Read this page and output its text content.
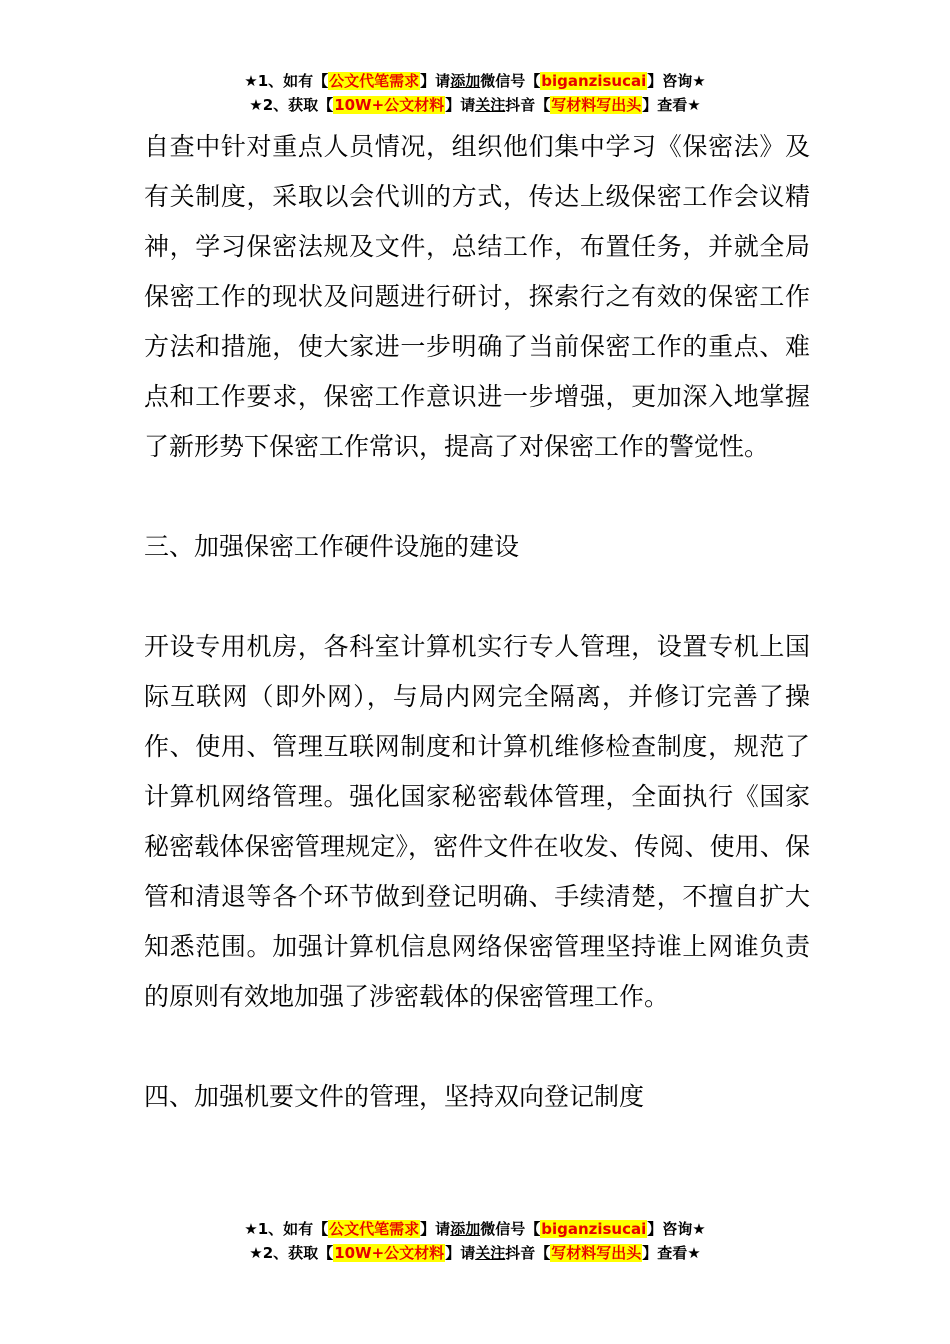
★1、如有【公文代笔需求】请添加微信号【biganzisucai】咨询★
★2、获取【10W+公文材料】请关注抖音【写材料写出头】查看★

自查中针对重点人员情况，组织他们集中学习《保密法》及有关制度，采取以会代训的方式，传达上级保密工作会议精神，学习保密法规及文件，总结工作，布置任务，并就全局保密工作的现状及问题进行研讨，探索行之有效的保密工作方法和措施，使大家进一步明确了当前保密工作的重点、难点和工作要求，保密工作意识进一步增强，更加深入地掌握了新形势下保密工作常识，提高了对保密工作的警觉性。

三、加强保密工作硬件设施的建设

开设专用机房，各科室计算机实行专人管理，设置专机上国际互联网（即外网），与局内网完全隔离，并修订完善了操作、使用、管理互联网制度和计算机维修检查制度，规范了计算机网络管理。强化国家秘密载体管理，全面执行《国家秘密载体保密管理规定》，密件文件在收发、传阅、使用、保管和清退等各个环节做到登记明确、手续清楚，不擅自扩大知悉范围。加强计算机信息网络保密管理坚持谁上网谁负责的原则有效地加强了涉密载体的保密管理工作。

四、加强机要文件的管理，坚持双向登记制度

★1、如有【公文代笔需求】请添加微信号【biganzisucai】咨询★
★2、获取【10W+公文材料】请关注抖音【写材料写出头】查看★
